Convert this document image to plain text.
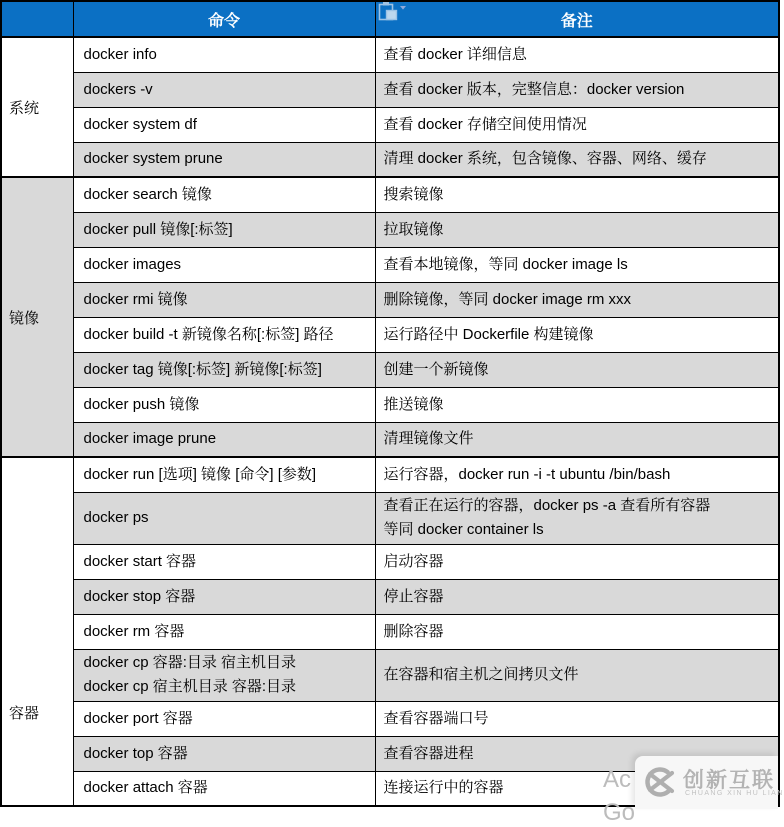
	命令	备注
系统	docker info	查看 docker 详细信息

	dockers -v	查看 docker 版本，完整信息：docker version

	docker system df	查看 docker 存储空间使用情况

	docker system prune	清理 docker 系统，包含镜像、容器、网络、缓存

镜像	docker search 镜像	搜索镜像

	docker pull 镜像[:标签]	拉取镜像

	docker images	查看本地镜像，等同 docker image ls

	docker rmi 镜像	删除镜像，等同 docker image rm xxx

	docker build -t 新镜像名称[:标签] 路径	运行路径中 Dockerfile 构建镜像

	docker tag 镜像[:标签] 新镜像[:标签]	创建一个新镜像

	docker push 镜像	推送镜像

	docker image prune	清理镜像文件

容器	docker run [选项] 镜像 [命令] [参数]	运行容器，docker run -i -t ubuntu /bin/bash

	docker ps	查看正在运行的容器，docker ps -a 查看所有容器
等同 docker container ls

	docker start 容器	启动容器

	docker stop 容器	停止容器

	docker rm 容器	删除容器

	docker cp 容器:目录 宿主机目录
docker cp 宿主机目录 容器:目录	在容器和宿主机之间拷贝文件

	docker port 容器	查看容器端口号

	docker top 容器	查看容器进程

	docker attach 容器	连接运行中的容器	Ac
Go
创新互联
CHUANG XIN HU LIAN
